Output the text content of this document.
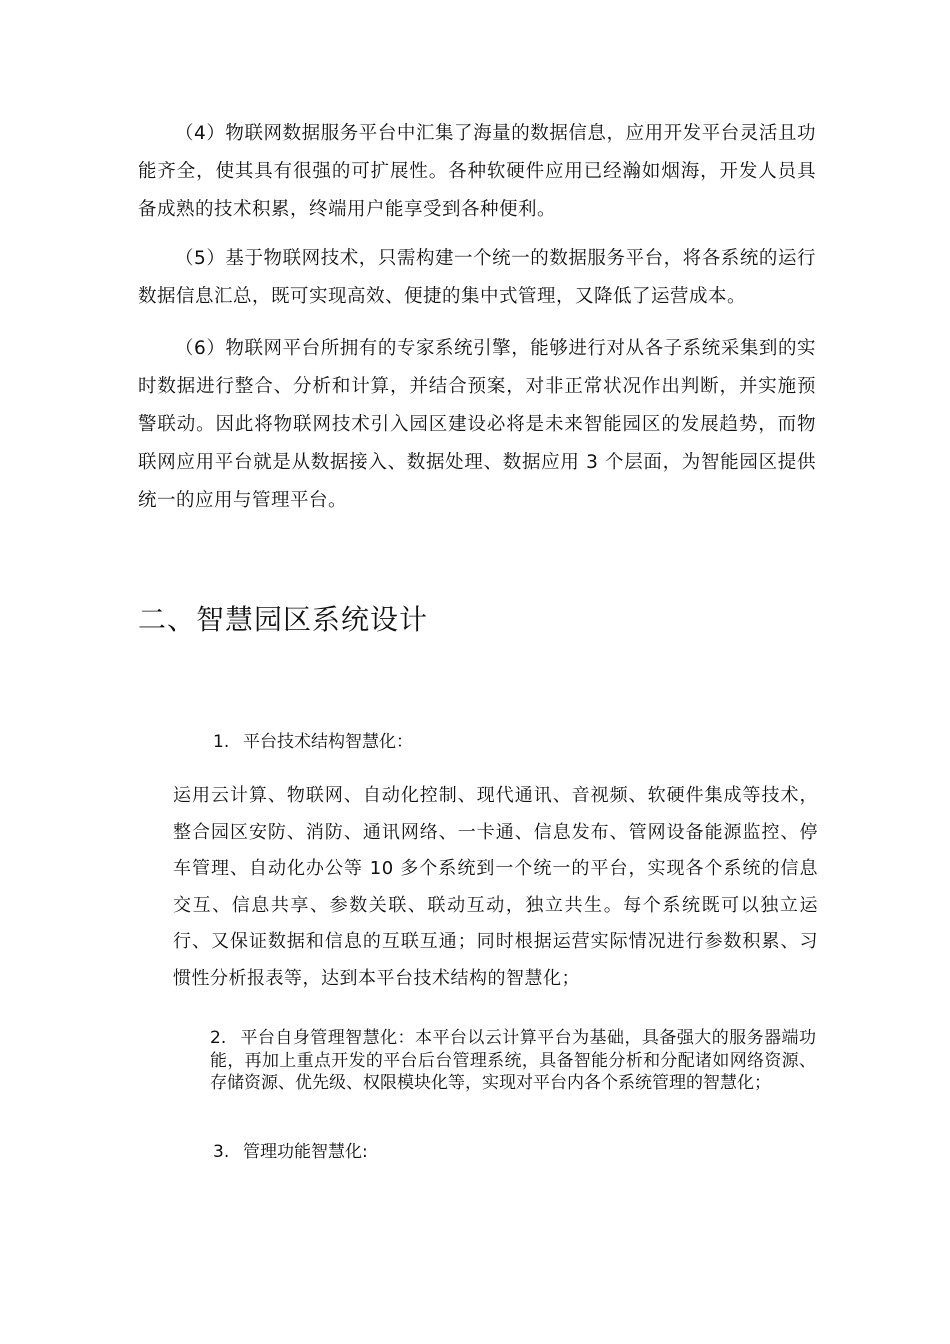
（4）物联网数据服务平台中汇集了海量的数据信息，应用开发平台灵活且功能齐全，使其具有很强的可扩展性。各种软硬件应用已经瀚如烟海，开发人员具备成熟的技术积累，终端用户能享受到各种便利。

（5）基于物联网技术，只需构建一个统一的数据服务平台，将各系统的运行数据信息汇总，既可实现高效、便捷的集中式管理，又降低了运营成本。

（6）物联网平台所拥有的专家系统引擎，能够进行对从各子系统采集到的实时数据进行整合、分析和计算，并结合预案，对非正常状况作出判断，并实施预警联动。因此将物联网技术引入园区建设必将是未来智能园区的发展趋势，而物联网应用平台就是从数据接入、数据处理、数据应用 3 个层面，为智能园区提供统一的应用与管理平台。

二、智慧园区系统设计

1. 平台技术结构智慧化：

运用云计算、物联网、自动化控制、现代通讯、音视频、软硬件集成等技术，整合园区安防、消防、通讯网络、一卡通、信息发布、管网设备能源监控、停车管理、自动化办公等 10 多个系统到一个统一的平台，实现各个系统的信息交互、信息共享、参数关联、联动互动，独立共生。每个系统既可以独立运行、又保证数据和信息的互联互通；同时根据运营实际情况进行参数积累、习惯性分析报表等，达到本平台技术结构的智慧化；

2. 平台自身管理智慧化：本平台以云计算平台为基础，具备强大的服务器端功能，再加上重点开发的平台后台管理系统，具备智能分析和分配诸如网络资源、存储资源、优先级、权限模块化等，实现对平台内各个系统管理的智慧化；

3. 管理功能智慧化:
